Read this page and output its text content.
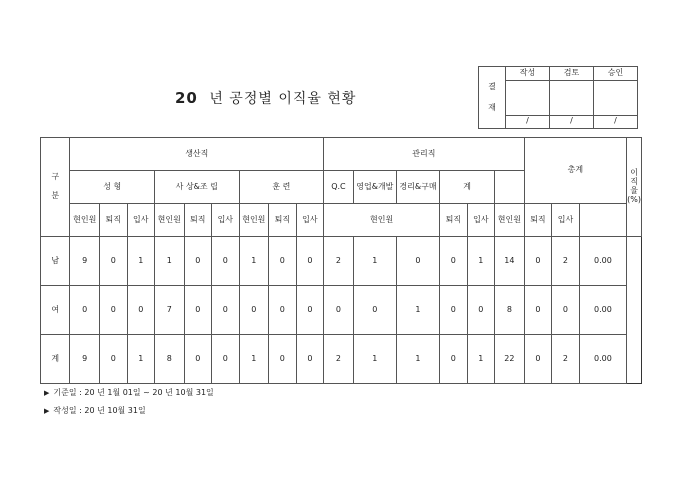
20 년 공정별 이직율 현황
결
재	작성	검토	승인

	/	/	/
구
분	생산직									관리직						총계			이직율(%)
	성 형			사 상&조 립			훈 련			Q.C	영업&개발	경리&구매	계						
	현인원	퇴직	입사	현인원	퇴직	입사	현인원	퇴직	입사	현인원			퇴직	입사	현인원	퇴직	입사		
남	9	0	1	1	0	0	1	0	0	2	1	0	0	1	14	0	2	0.00	
여	0	0	0	7	0	0	0	0	0	0	0	1	0	0	8	0	0	0.00	
계	9	0	1	8	0	0	1	0	0	2	1	1	0	1	22	0	2	0.00	
▶ 기준일 : 20 년 1월 01일 ~ 20 년 10월 31일
▶ 작성일 : 20 년 10월 31일
